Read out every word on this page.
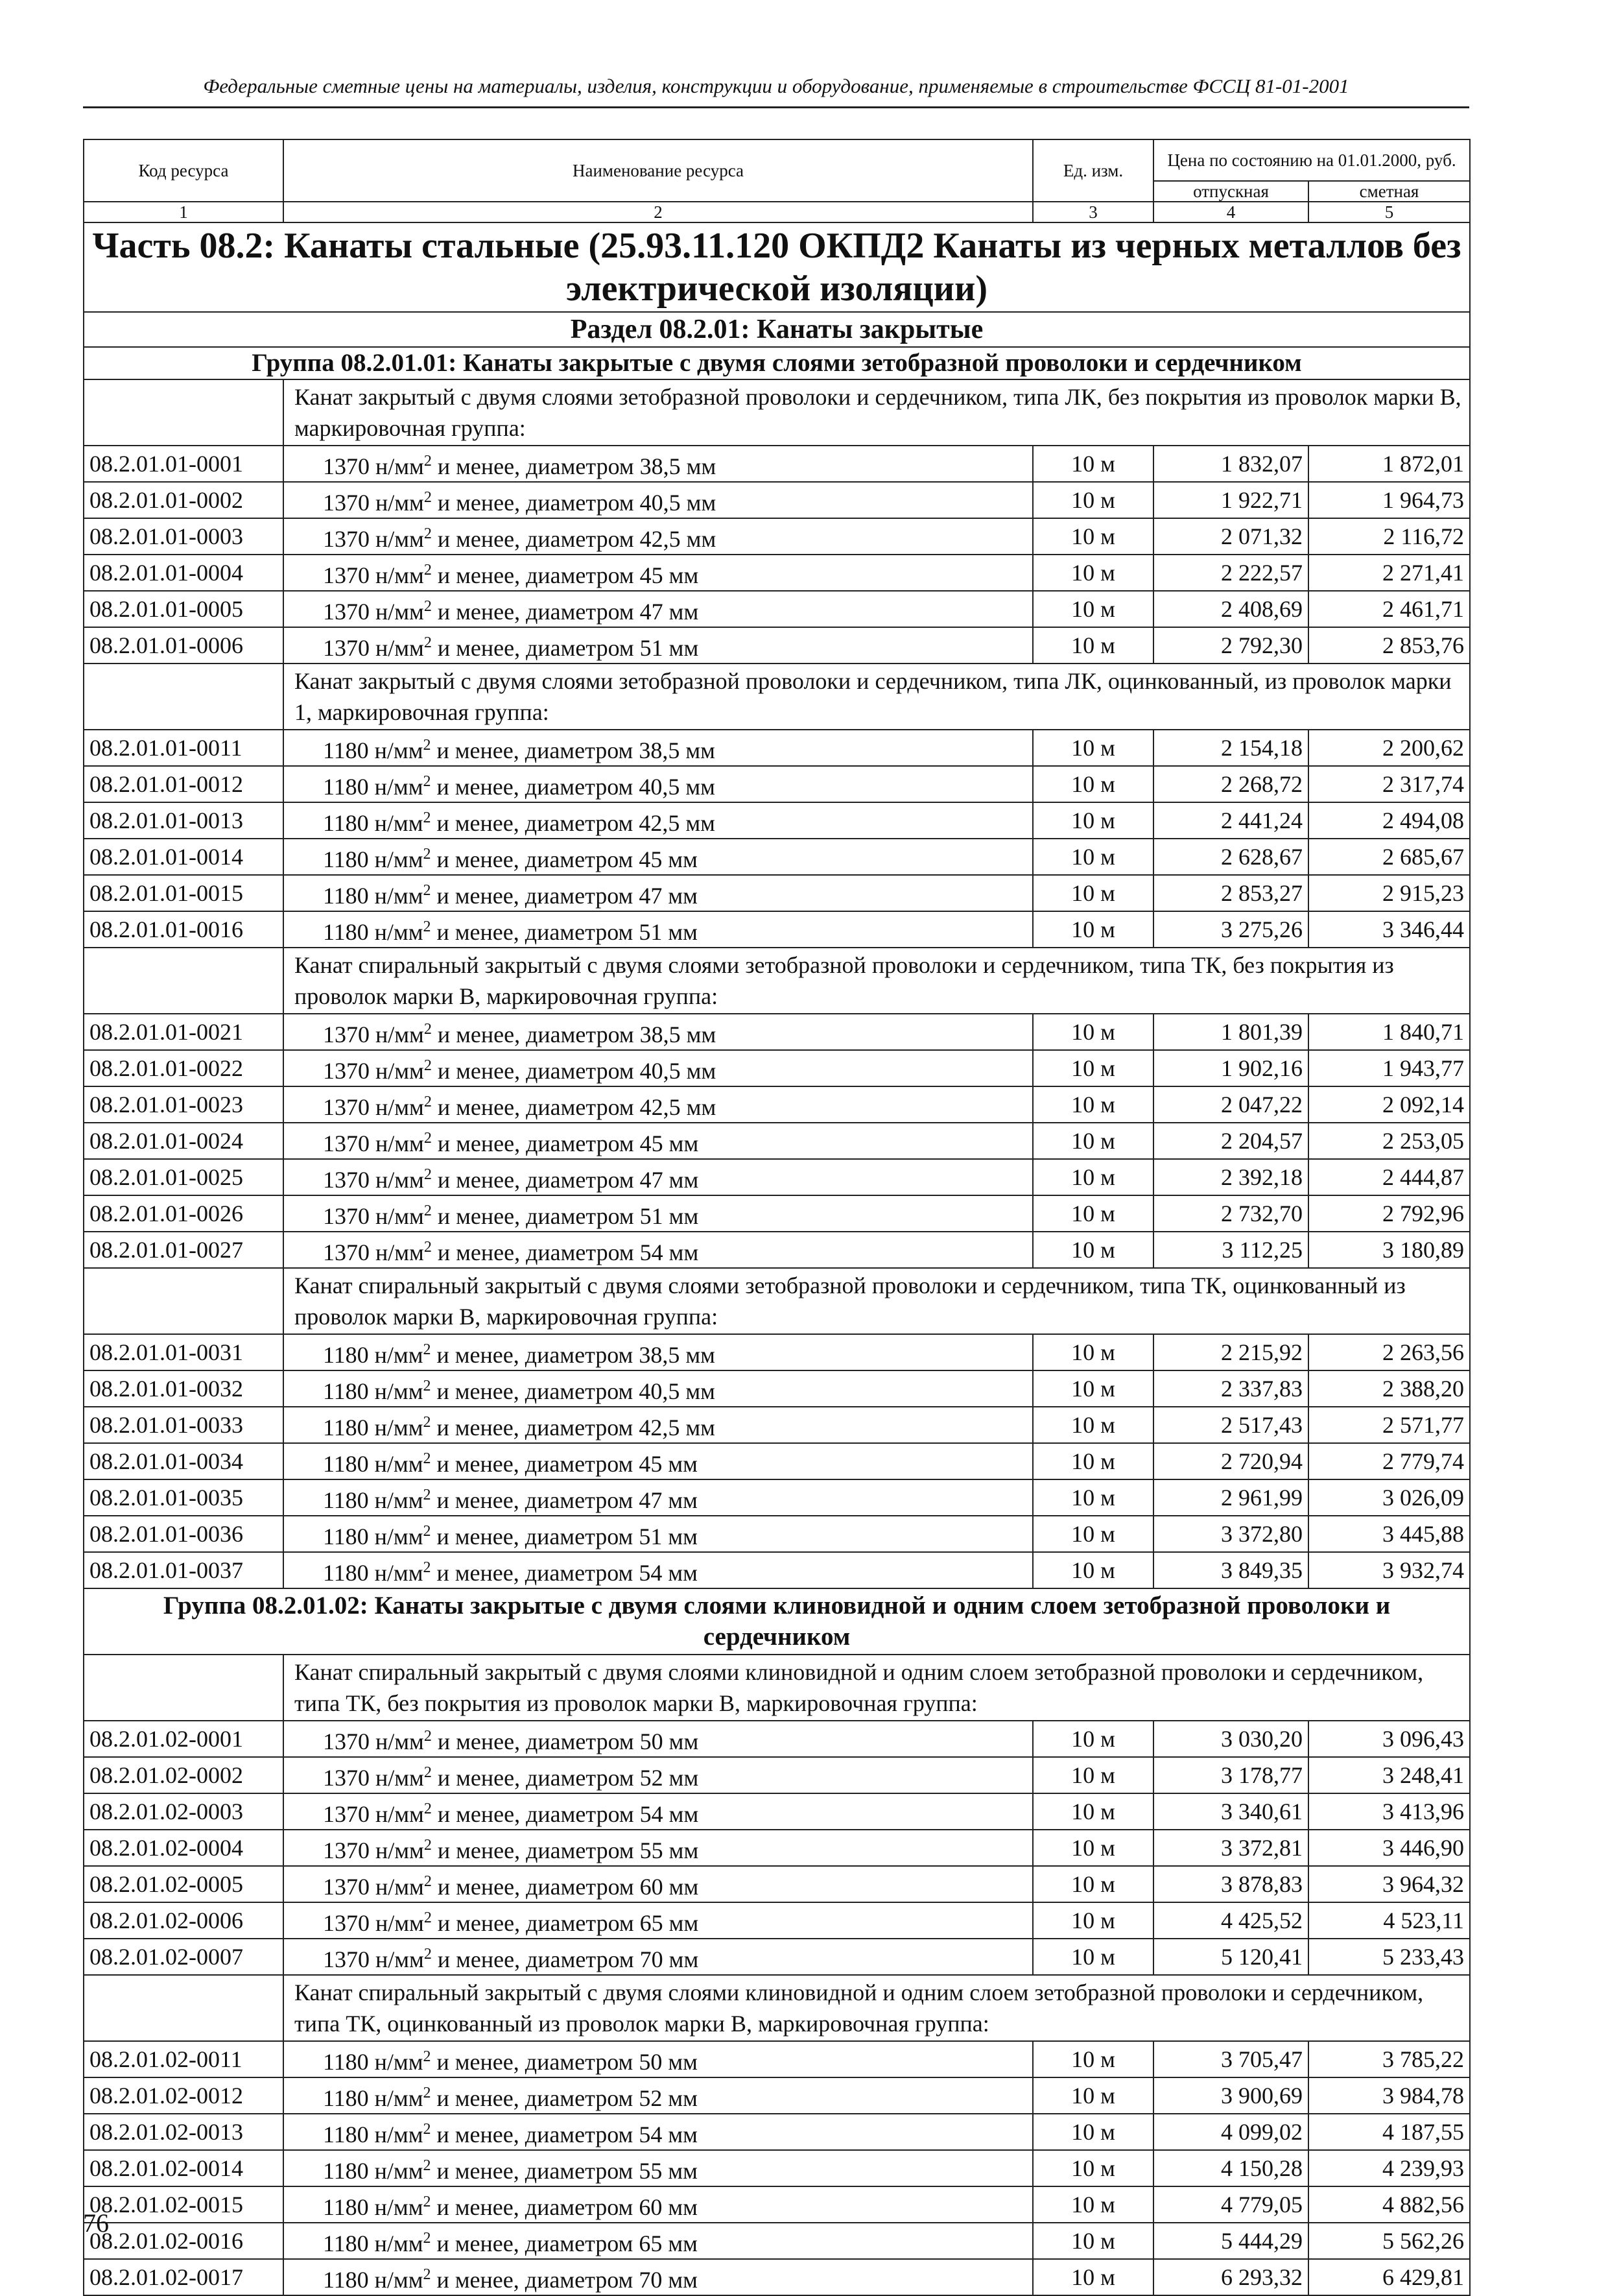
Федеральные сметные цены на материалы, изделия, конструкции и оборудование, применяемые в строительстве ФССЦ 81-01-2001
Код ресурса	Наименование ресурса	Ед. изм.	Цена по состоянию на 01.01.2000, руб.	
			отпускная	сметная
1	2	3	4	5
Часть 08.2: Канаты стальные (25.93.11.120 ОКПД2 Канаты из черных металлов без электрической изоляции)				
Раздел 08.2.01: Канаты закрытые				
Группа 08.2.01.01: Канаты закрытые с двумя слоями зетобразной проволоки и сердечником				
	Канат закрытый с двумя слоями зетобразной проволоки и сердечником, типа ЛК, без покрытия из проволок марки В, маркировочная группа:			
08.2.01.01-0001	1370 $н/мм^2$ и менее, диаметром 38,5 мм	10 м	1 832,07	1 872,01
08.2.01.01-0002	1370 $н/мм^2$ и менее, диаметром 40,5 мм	10 м	1 922,71	1 964,73
08.2.01.01-0003	1370 $н/мм^2$ и менее, диаметром 42,5 мм	10 м	2 071,32	2 116,72
08.2.01.01-0004	1370 $н/мм^2$ и менее, диаметром 45 мм	10 м	2 222,57	2 271,41
08.2.01.01-0005	1370 $н/мм^2$ и менее, диаметром 47 мм	10 м	2 408,69	2 461,71
08.2.01.01-0006	1370 $н/мм^2$ и менее, диаметром 51 мм	10 м	2 792,30	2 853,76
	Канат закрытый с двумя слоями зетобразной проволоки и сердечником, типа ЛК, оцинкованный, из проволок марки 1, маркировочная группа:			
08.2.01.01-0011	1180 $н/мм^2$ и менее, диаметром 38,5 мм	10 м	2 154,18	2 200,62
08.2.01.01-0012	1180 $н/мм^2$ и менее, диаметром 40,5 мм	10 м	2 268,72	2 317,74
08.2.01.01-0013	1180 $н/мм^2$ и менее, диаметром 42,5 мм	10 м	2 441,24	2 494,08
08.2.01.01-0014	1180 $н/мм^2$ и менее, диаметром 45 мм	10 м	2 628,67	2 685,67
08.2.01.01-0015	1180 $н/мм^2$ и менее, диаметром 47 мм	10 м	2 853,27	2 915,23
08.2.01.01-0016	1180 $н/мм^2$ и менее, диаметром 51 мм	10 м	3 275,26	3 346,44
	Канат спиральный закрытый с двумя слоями зетобразной проволоки и сердечником, типа ТК, без покрытия из проволок марки В, маркировочная группа:			
08.2.01.01-0021	1370 $н/мм^2$ и менее, диаметром 38,5 мм	10 м	1 801,39	1 840,71
08.2.01.01-0022	1370 $н/мм^2$ и менее, диаметром 40,5 мм	10 м	1 902,16	1 943,77
08.2.01.01-0023	1370 $н/мм^2$ и менее, диаметром 42,5 мм	10 м	2 047,22	2 092,14
08.2.01.01-0024	1370 $н/мм^2$ и менее, диаметром 45 мм	10 м	2 204,57	2 253,05
08.2.01.01-0025	1370 $н/мм^2$ и менее, диаметром 47 мм	10 м	2 392,18	2 444,87
08.2.01.01-0026	1370 $н/мм^2$ и менее, диаметром 51 мм	10 м	2 732,70	2 792,96
08.2.01.01-0027	1370 $н/мм^2$ и менее, диаметром 54 мм	10 м	3 112,25	3 180,89
	Канат спиральный закрытый с двумя слоями зетобразной проволоки и сердечником, типа ТК, оцинкованный из проволок марки В, маркировочная группа:			
08.2.01.01-0031	1180 $н/мм^2$ и менее, диаметром 38,5 мм	10 м	2 215,92	2 263,56
08.2.01.01-0032	1180 $н/мм^2$ и менее, диаметром 40,5 мм	10 м	2 337,83	2 388,20
08.2.01.01-0033	1180 $н/мм^2$ и менее, диаметром 42,5 мм	10 м	2 517,43	2 571,77
08.2.01.01-0034	1180 $н/мм^2$ и менее, диаметром 45 мм	10 м	2 720,94	2 779,74
08.2.01.01-0035	1180 $н/мм^2$ и менее, диаметром 47 мм	10 м	2 961,99	3 026,09
08.2.01.01-0036	1180 $н/мм^2$ и менее, диаметром 51 мм	10 м	3 372,80	3 445,88
08.2.01.01-0037	1180 $н/мм^2$ и менее, диаметром 54 мм	10 м	3 849,35	3 932,74
Группа 08.2.01.02: Канаты закрытые с двумя слоями клиновидной и одним слоем зетобразной проволоки и сердечником				
	Канат спиральный закрытый с двумя слоями клиновидной и одним слоем зетобразной проволоки и сердечником, типа ТК, без покрытия из проволок марки В, маркировочная группа:			
08.2.01.02-0001	1370 $н/мм^2$ и менее, диаметром 50 мм	10 м	3 030,20	3 096,43
08.2.01.02-0002	1370 $н/мм^2$ и менее, диаметром 52 мм	10 м	3 178,77	3 248,41
08.2.01.02-0003	1370 $н/мм^2$ и менее, диаметром 54 мм	10 м	3 340,61	3 413,96
08.2.01.02-0004	1370 $н/мм^2$ и менее, диаметром 55 мм	10 м	3 372,81	3 446,90
08.2.01.02-0005	1370 $н/мм^2$ и менее, диаметром 60 мм	10 м	3 878,83	3 964,32
08.2.01.02-0006	1370 $н/мм^2$ и менее, диаметром 65 мм	10 м	4 425,52	4 523,11
08.2.01.02-0007	1370 $н/мм^2$ и менее, диаметром 70 мм	10 м	5 120,41	5 233,43
	Канат спиральный закрытый с двумя слоями клиновидной и одним слоем зетобразной проволоки и сердечником, типа ТК, оцинкованный из проволок марки В, маркировочная группа:			
08.2.01.02-0011	1180 $н/мм^2$ и менее, диаметром 50 мм	10 м	3 705,47	3 785,22
08.2.01.02-0012	1180 $н/мм^2$ и менее, диаметром 52 мм	10 м	3 900,69	3 984,78
08.2.01.02-0013	1180 $н/мм^2$ и менее, диаметром 54 мм	10 м	4 099,02	4 187,55
08.2.01.02-0014	1180 $н/мм^2$ и менее, диаметром 55 мм	10 м	4 150,28	4 239,93
08.2.01.02-0015	1180 $н/мм^2$ и менее, диаметром 60 мм	10 м	4 779,05	4 882,56
08.2.01.02-0016	1180 $н/мм^2$ и менее, диаметром 65 мм	10 м	5 444,29	5 562,26
08.2.01.02-0017	1180 $н/мм^2$ и менее, диаметром 70 мм	10 м	6 293,32	6 429,81
76
